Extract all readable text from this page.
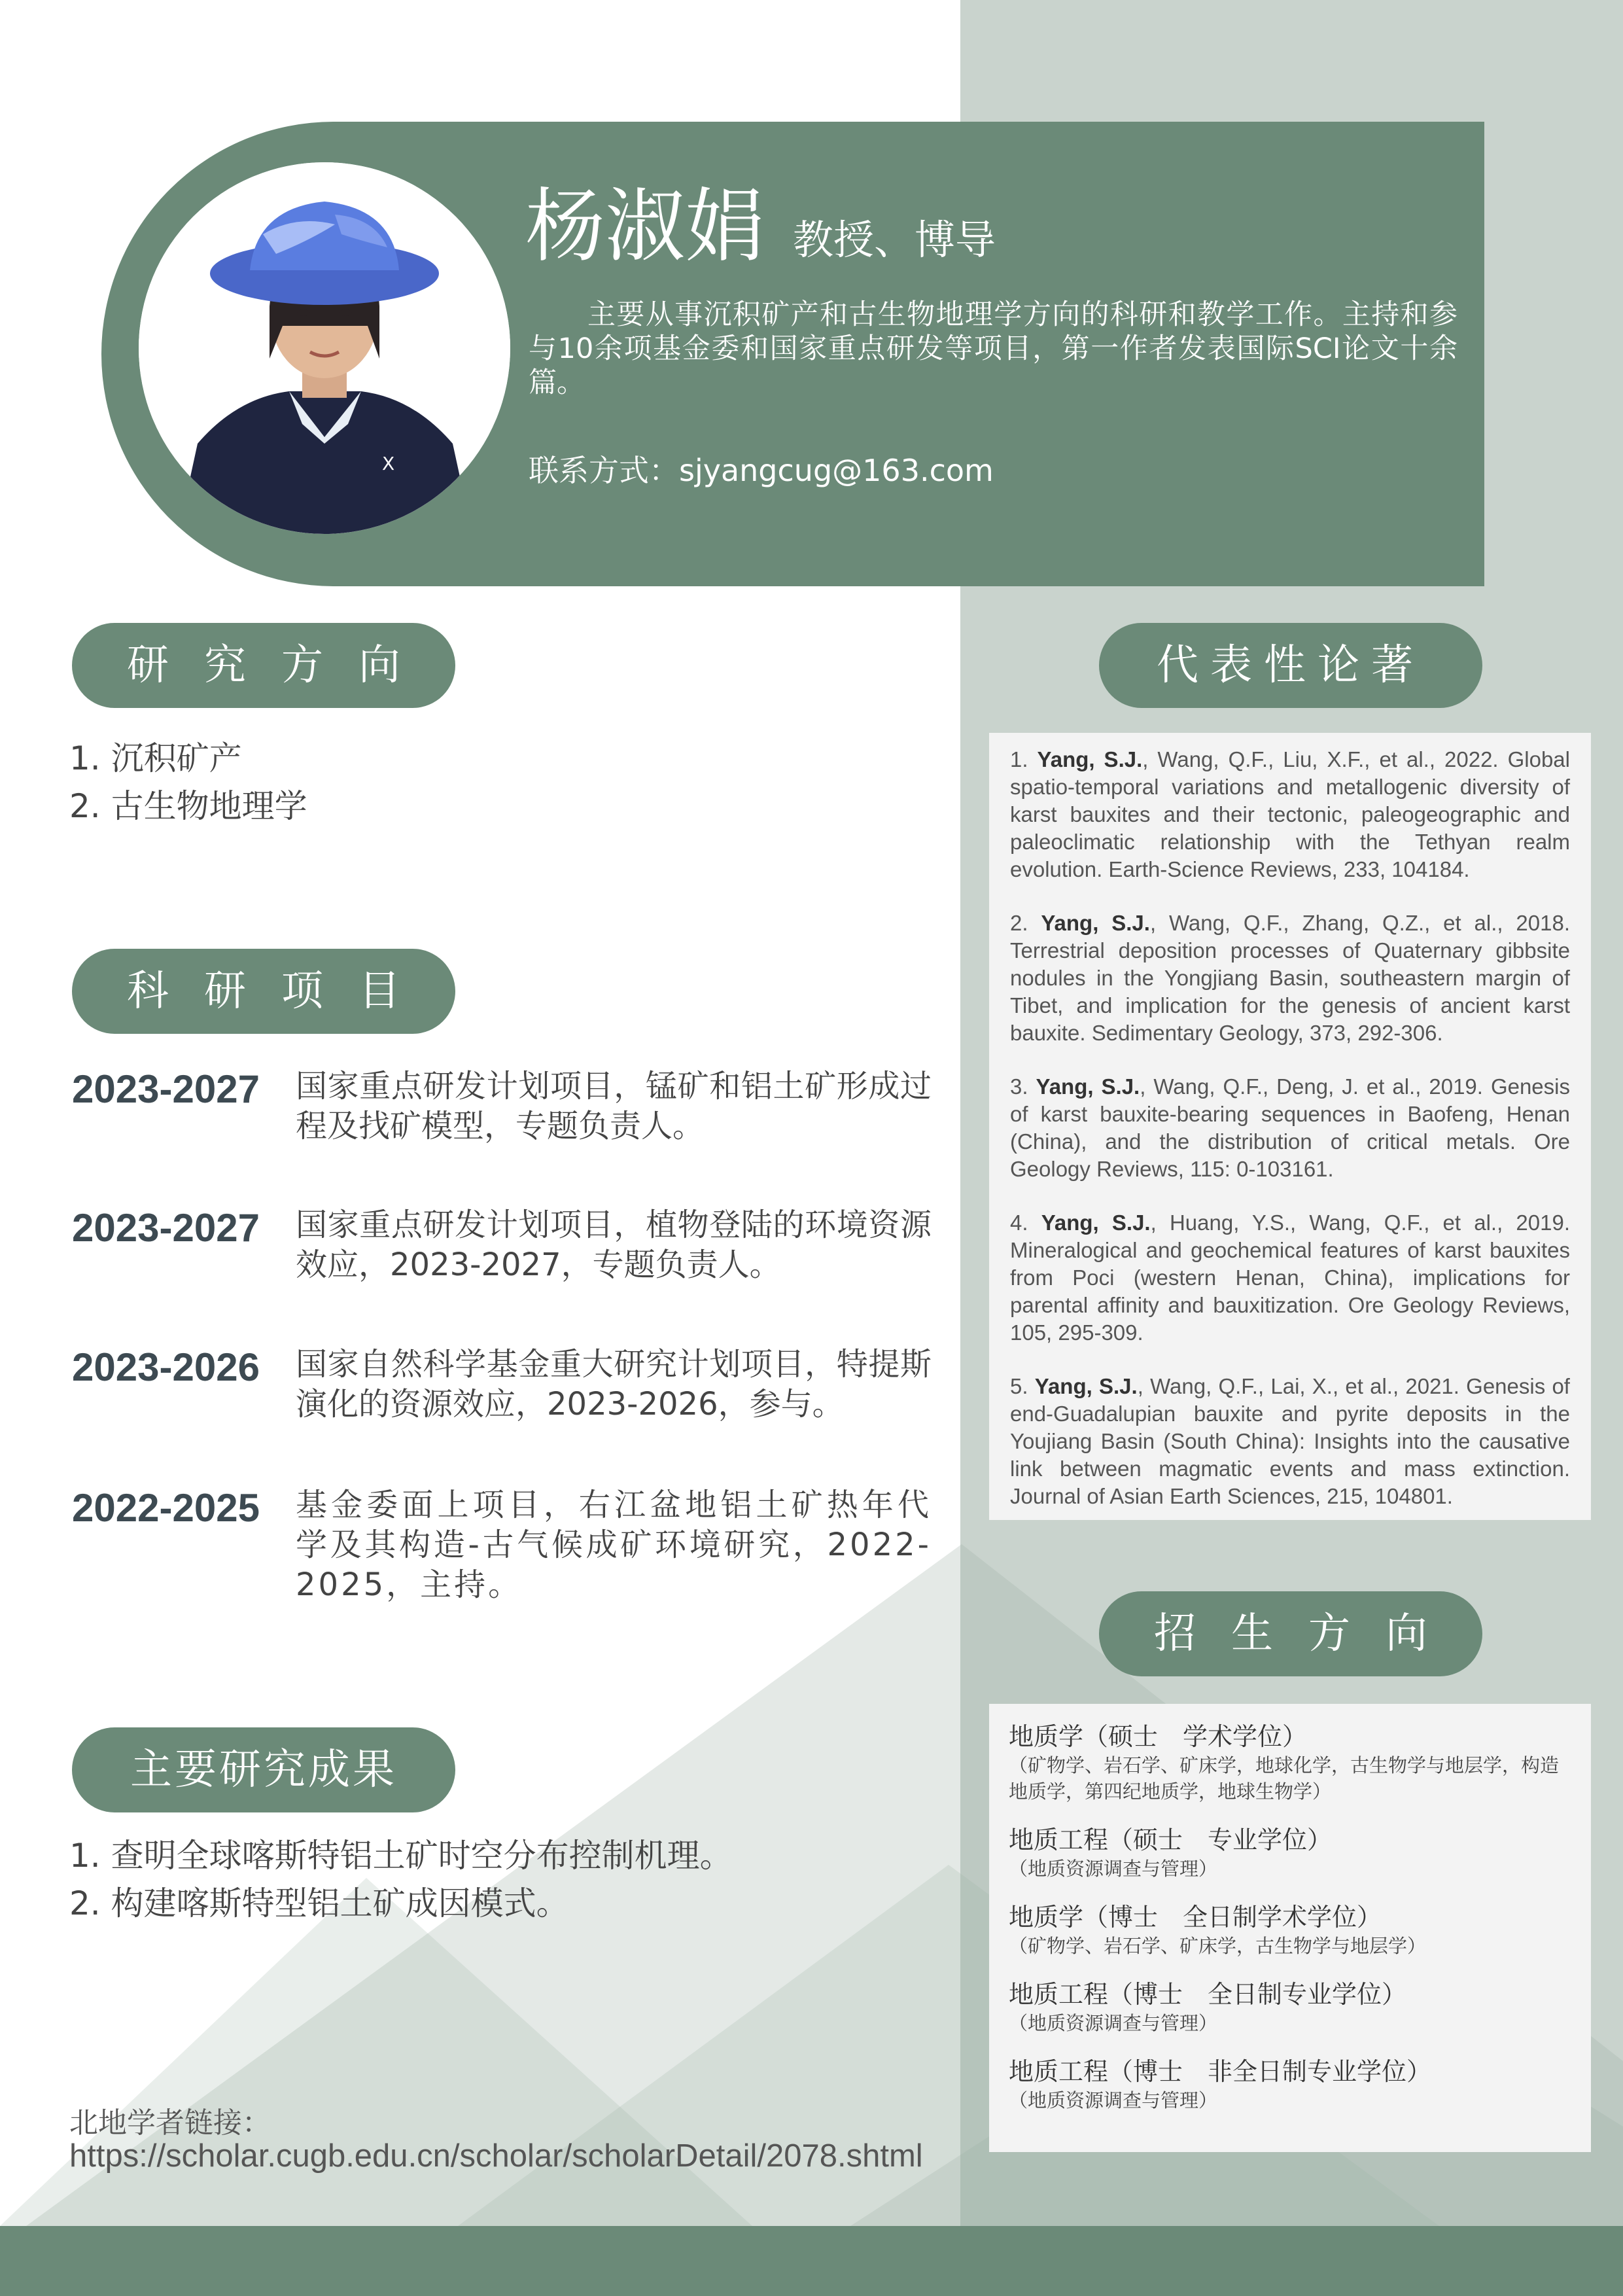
X
杨淑娟 教授、博导
主要从事沉积矿产和古生物地理学方向的科研和教学工作。主持和参与10余项基金委和国家重点研发等项目，第一作者发表国际SCI论文十余篇。
联系方式：sjyangcug@163.com
研究方向
1. 沉积矿产
2. 古生物地理学
科研项目
2023-2027 国家重点研发计划项目，锰矿和铝土矿形成过程及找矿模型，专题负责人。
2023-2027 国家重点研发计划项目，植物登陆的环境资源效应，2023-2027，专题负责人。
2023-2026 国家自然科学基金重大研究计划项目，特提斯演化的资源效应，2023-2026，参与。
2022-2025 基金委面上项目，右江盆地铝土矿热年代学及其构造-古气候成矿环境研究，2022-2025，主持。
主要研究成果
1. 查明全球喀斯特铝土矿时空分布控制机理。
2. 构建喀斯特型铝土矿成因模式。
代表性论著
1. Yang, S.J., Wang, Q.F., Liu, X.F., et al., 2022. Global spatio-temporal variations and metallogenic diversity of karst bauxites and their tectonic, paleogeographic and paleoclimatic relationship with the Tethyan realm evolution. Earth-Science Reviews, 233, 104184.
2. Yang, S.J., Wang, Q.F., Zhang, Q.Z., et al., 2018. Terrestrial deposition processes of Quaternary gibbsite nodules in the Yongjiang Basin, southeastern margin of Tibet, and implication for the genesis of ancient karst bauxite. Sedimentary Geology, 373, 292-306.
3. Yang, S.J., Wang, Q.F., Deng, J. et al., 2019. Genesis of karst bauxite-bearing sequences in Baofeng, Henan (China), and the distribution of critical metals. Ore Geology Reviews, 115: 0-103161.
4. Yang, S.J., Huang, Y.S., Wang, Q.F., et al., 2019. Mineralogical and geochemical features of karst bauxites from Poci (western Henan, China), implications for parental affinity and bauxitization. Ore Geology Reviews, 105, 295-309.
5. Yang, S.J., Wang, Q.F., Lai, X., et al., 2021. Genesis of end-Guadalupian bauxite and pyrite deposits in the Youjiang Basin (South China): Insights into the causative link between magmatic events and mass extinction. Journal of Asian Earth Sciences, 215, 104801.
招生方向
地质学（硕士　学术学位）
（矿物学、岩石学、矿床学，地球化学，古生物学与地层学，构造地质学，第四纪地质学，地球生物学）
地质工程（硕士　专业学位）
（地质资源调查与管理）
地质学（博士　全日制学术学位）
（矿物学、岩石学、矿床学，古生物学与地层学）
地质工程（博士　全日制专业学位）
（地质资源调查与管理）
地质工程（博士　非全日制专业学位）
（地质资源调查与管理）
北地学者链接：
https://scholar.cugb.edu.cn/scholar/scholarDetail/2078.shtml
